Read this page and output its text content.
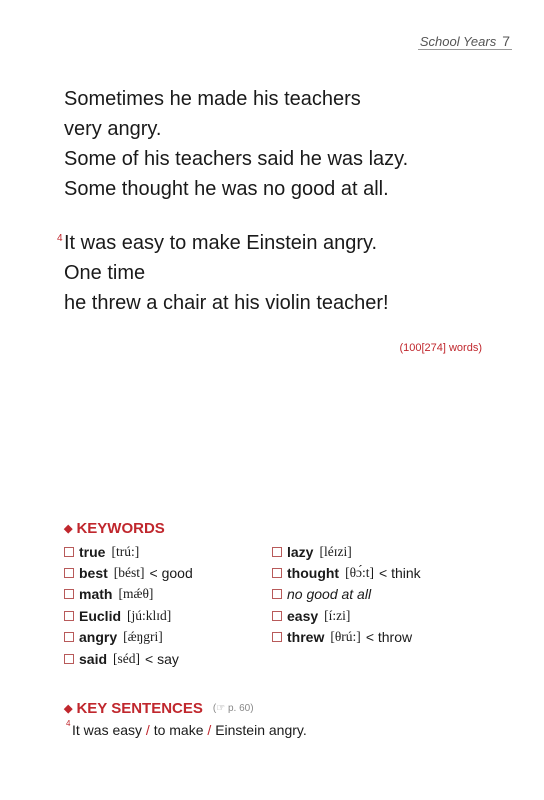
School Years 7

Sometimes he made his teachers
very angry.
Some of his teachers said he was lazy.
Some thought he was no good at all.

4 It was easy to make Einstein angry.
One time
he threw a chair at his violin teacher!

(100[274] words)
◆ KEYWORDS
true [trú:]
best [bést] < good
math [mǽθ]
Euclid [jú:klɪd]
angry [ǽŋgri]
said [séd] < say
lazy [léɪzi]
thought [θɔ́:t] < think
no good at all
easy [í:zi]
threw [θrú:] < throw
◆ KEY SENTENCES (☞ p. 60)
4 It was easy / to make / Einstein angry.
